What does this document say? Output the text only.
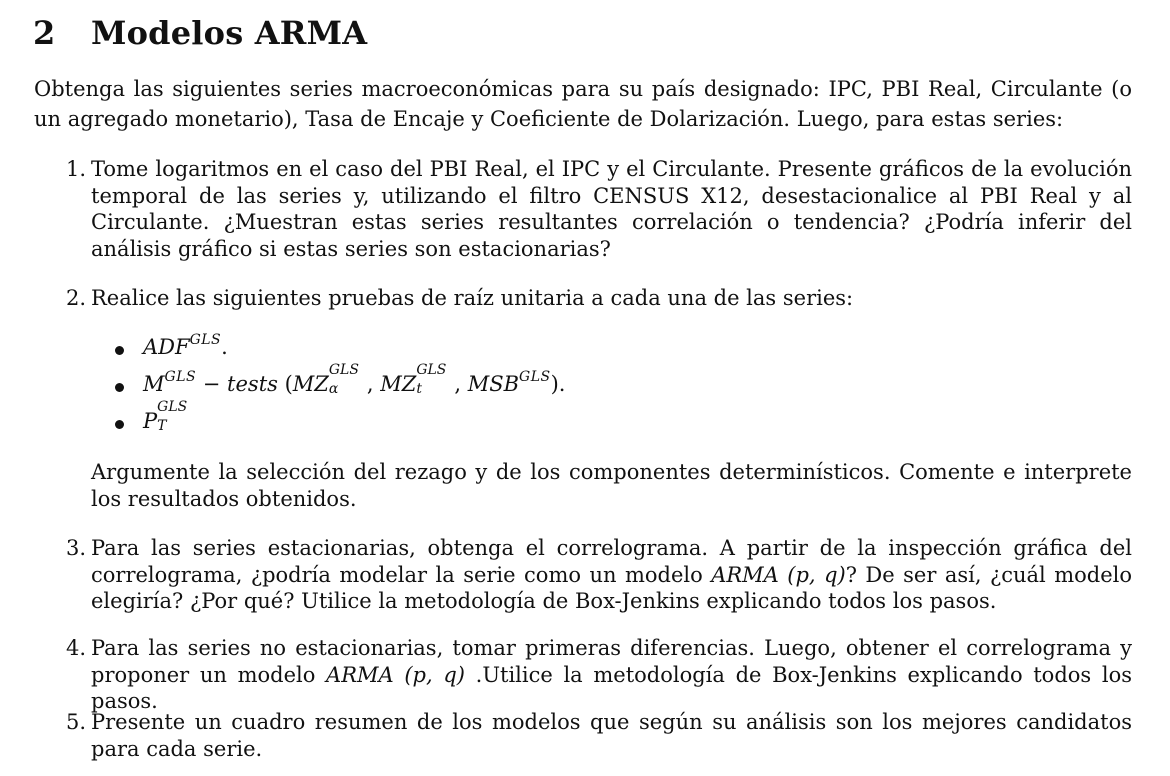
2 Modelos ARMA
Obtenga las siguientes series macroeconómicas para su país designado: IPC, PBI Real, Circulante (o un agregado monetario), Tasa de Encaje y Coeficiente de Dolarización. Luego, para estas series:
1. Tome logaritmos en el caso del PBI Real, el IPC y el Circulante. Presente gráficos de la evolución temporal de las series y, utilizando el filtro CENSUS X12, desestacionalice al PBI Real y al Circulante. ¿Muestran estas series resultantes correlación o tendencia? ¿Podría inferir del análisis gráfico si estas series son estacionarias?
2. Realice las siguientes pruebas de raíz unitaria a cada una de las series:
$ADF^{GLS}$.
$M^{GLS}$ − tests (MZ
GLS
α , MZ
GLS
t , $MSB^{GLS}$).
P
GLS
T
Argumente la selección del rezago y de los componentes determinísticos. Comente e interprete los resultados obtenidos.
3. Para las series estacionarias, obtenga el correlograma. A partir de la inspección gráfica del correlograma, ¿podría modelar la serie como un modelo ARMA (p, q)? De ser así, ¿cuál modelo elegiría? ¿Por qué? Utilice la metodología de Box-Jenkins explicando todos los pasos.
4. Para las series no estacionarias, tomar primeras diferencias. Luego, obtener el correlograma y proponer un modelo ARMA (p, q) .Utilice la metodología de Box-Jenkins explicando todos los pasos.
5. Presente un cuadro resumen de los modelos que según su análisis son los mejores candidatos para cada serie.
